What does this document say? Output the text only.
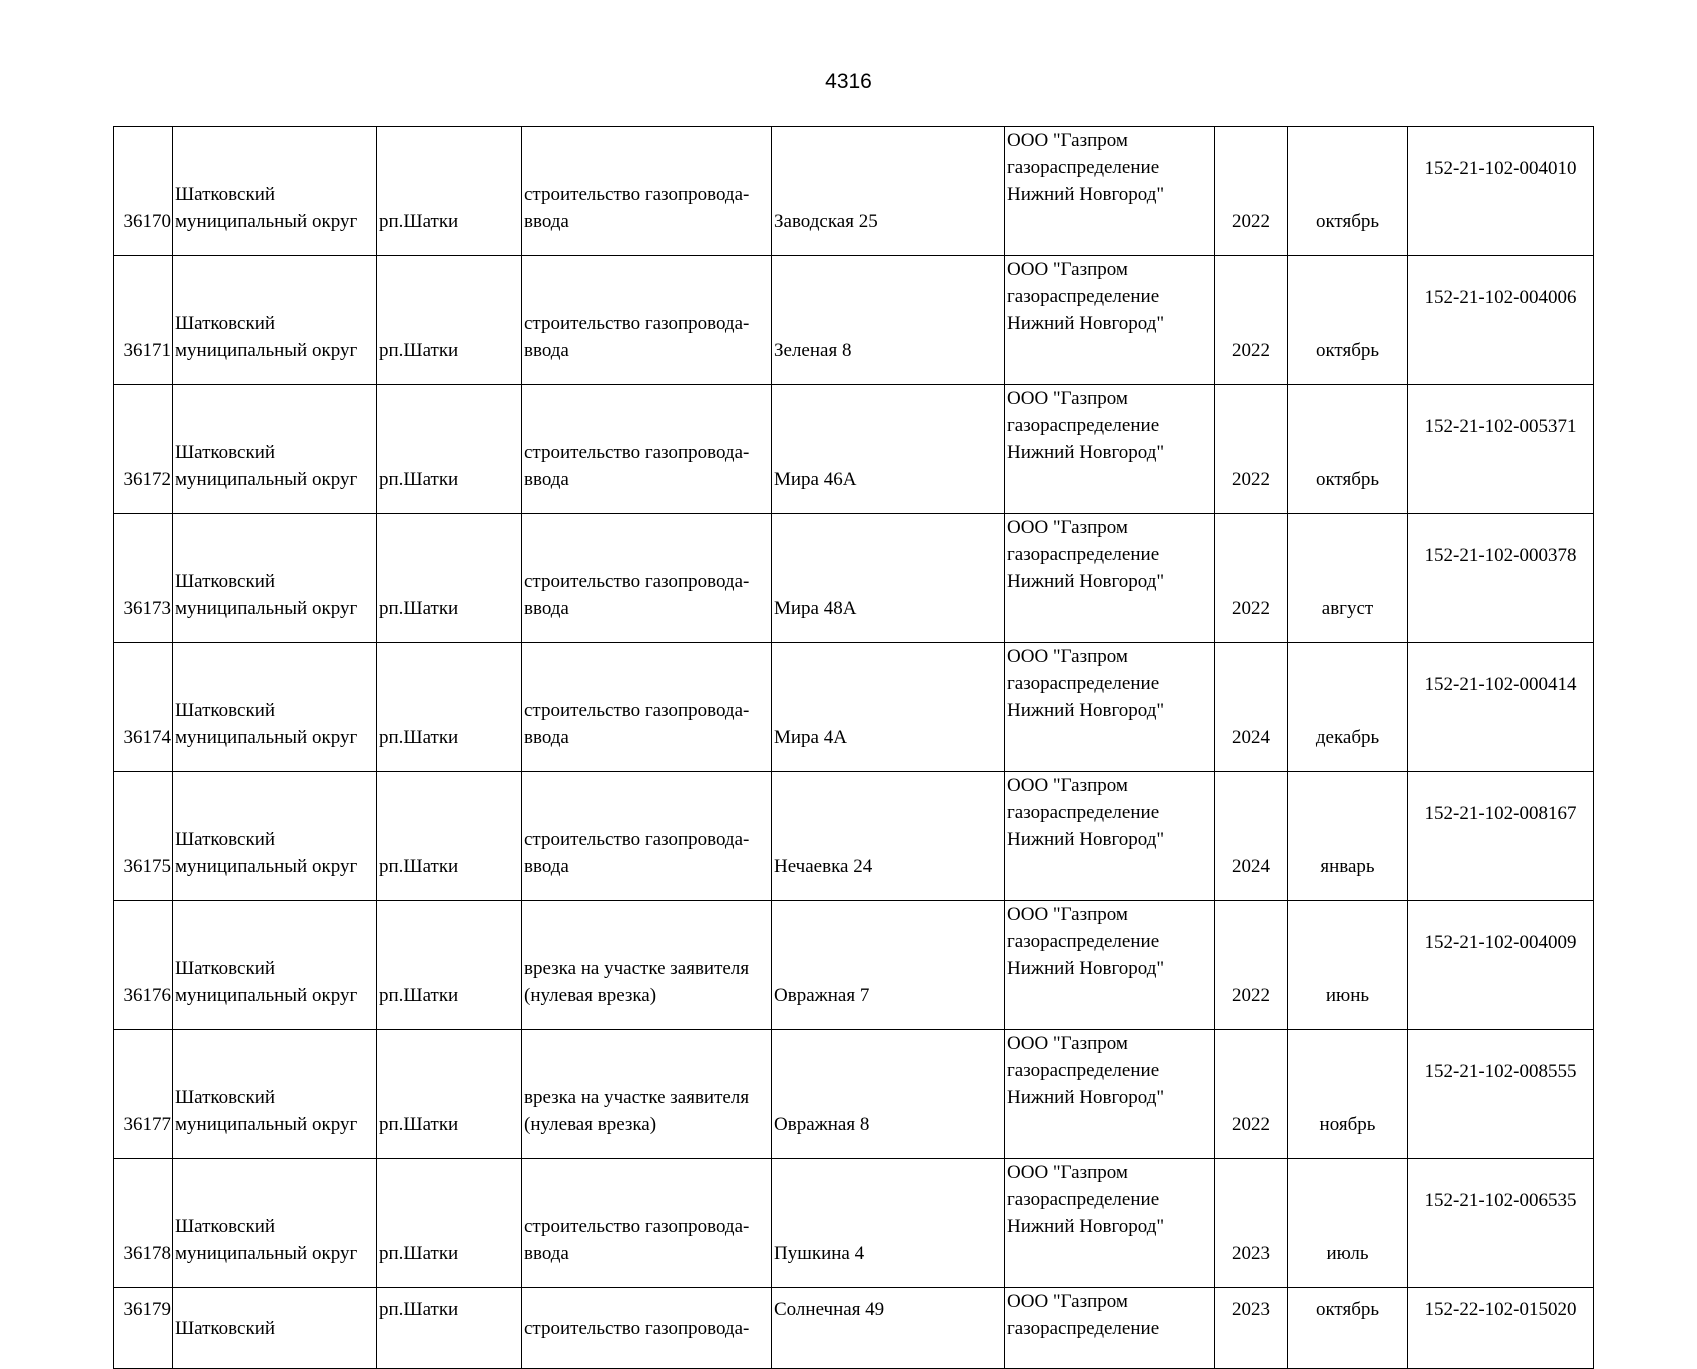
4316
36170	Шатковский
муниципальный округ	рп.Шатки	строительство газопровода-
ввода	Заводская 25	ООО "Газпром
газораспределение
Нижний Новгород"	2022	октябрь	152-21-102-004010

36171	Шатковский
муниципальный округ	рп.Шатки	строительство газопровода-
ввода	Зеленая 8	ООО "Газпром
газораспределение
Нижний Новгород"	2022	октябрь	152-21-102-004006

36172	Шатковский
муниципальный округ	рп.Шатки	строительство газопровода-
ввода	Мира 46А	ООО "Газпром
газораспределение
Нижний Новгород"	2022	октябрь	152-21-102-005371

36173	Шатковский
муниципальный округ	рп.Шатки	строительство газопровода-
ввода	Мира 48А	ООО "Газпром
газораспределение
Нижний Новгород"	2022	август	152-21-102-000378

36174	Шатковский
муниципальный округ	рп.Шатки	строительство газопровода-
ввода	Мира 4А	ООО "Газпром
газораспределение
Нижний Новгород"	2024	декабрь	152-21-102-000414

36175	Шатковский
муниципальный округ	рп.Шатки	строительство газопровода-
ввода	Нечаевка 24	ООО "Газпром
газораспределение
Нижний Новгород"	2024	январь	152-21-102-008167

36176	Шатковский
муниципальный округ	рп.Шатки	врезка на участке заявителя
(нулевая врезка)	Овражная 7	ООО "Газпром
газораспределение
Нижний Новгород"	2022	июнь	152-21-102-004009

36177	Шатковский
муниципальный округ	рп.Шатки	врезка на участке заявителя
(нулевая врезка)	Овражная 8	ООО "Газпром
газораспределение
Нижний Новгород"	2022	ноябрь	152-21-102-008555

36178	Шатковский
муниципальный округ	рп.Шатки	строительство газопровода-
ввода	Пушкина 4	ООО "Газпром
газораспределение
Нижний Новгород"	2023	июль	152-21-102-006535

36179	Шатковский	рп.Шатки	строительство газопровода-	Солнечная 49	ООО "Газпром
газораспределение	2023	октябрь	152-22-102-015020
